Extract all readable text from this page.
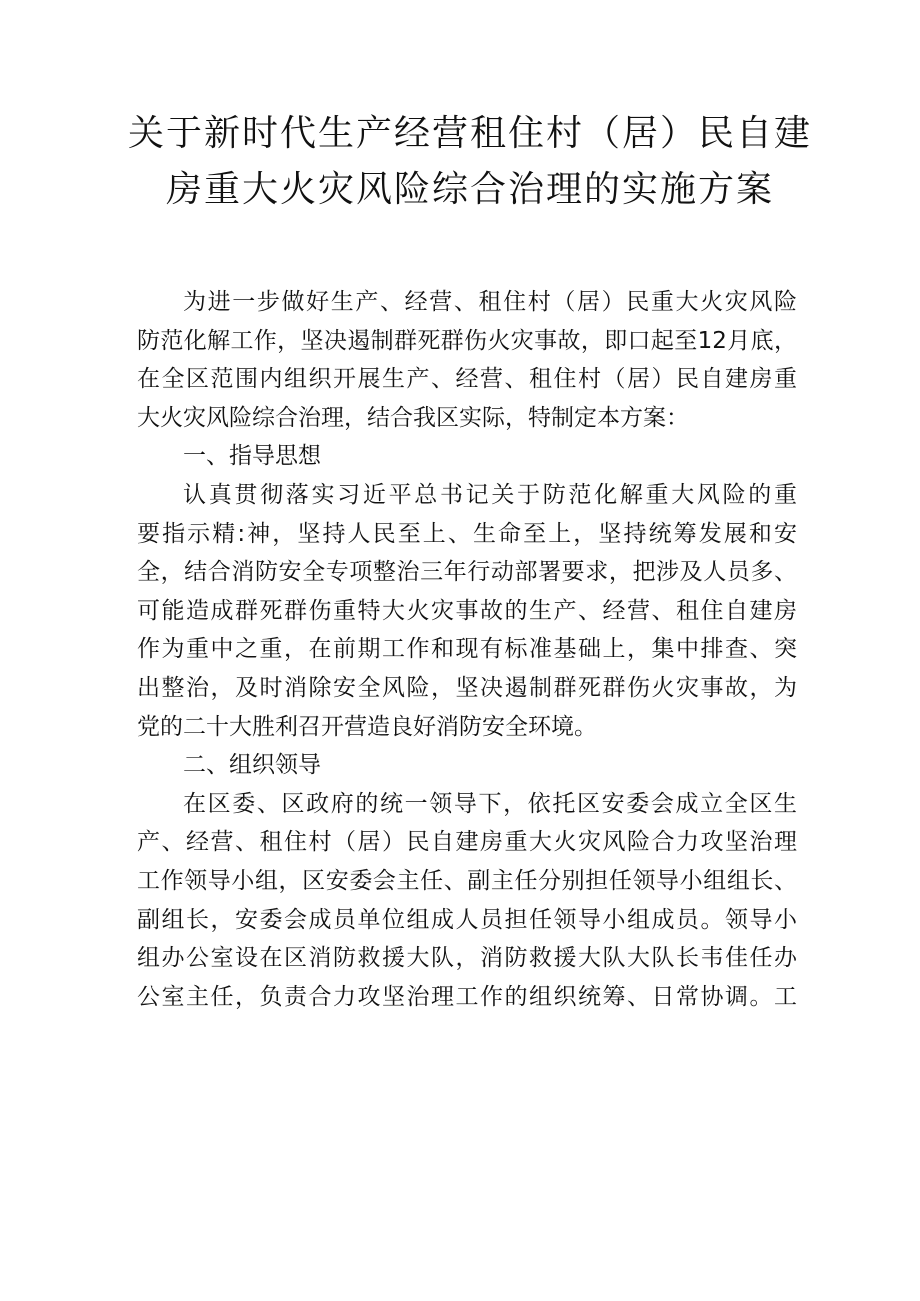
关于新时代生产经营租住村（居）民自建
房重大火灾风险综合治理的实施方案
为进一步做好生产、经营、租住村（居）民重大火灾风险
防范化解工作，坚决遏制群死群伤火灾事故，即口起至12月底，
在全区范围内组织开展生产、经营、租住村（居）民自建房重
大火灾风险综合治理，结合我区实际，特制定本方案：
一、指导思想
认真贯彻落实习近平总书记关于防范化解重大风险的重
要指示精:神，坚持人民至上、生命至上，坚持统筹发展和安
全，结合消防安全专项整治三年行动部署要求，把涉及人员多、
可能造成群死群伤重特大火灾事故的生产、经营、租住自建房
作为重中之重，在前期工作和现有标准基础上，集中排查、突
出整治，及时消除安全风险，坚决遏制群死群伤火灾事故，为
党的二十大胜利召开营造良好消防安全环境。
二、组织领导
在区委、区政府的统一领导下，依托区安委会成立全区生
产、经营、租住村（居）民自建房重大火灾风险合力攻坚治理
工作领导小组，区安委会主任、副主任分别担任领导小组组长、
副组长，安委会成员单位组成人员担任领导小组成员。领导小
组办公室设在区消防救援大队，消防救援大队大队长韦佳任办
公室主任，负责合力攻坚治理工作的组织统筹、日常协调。工
